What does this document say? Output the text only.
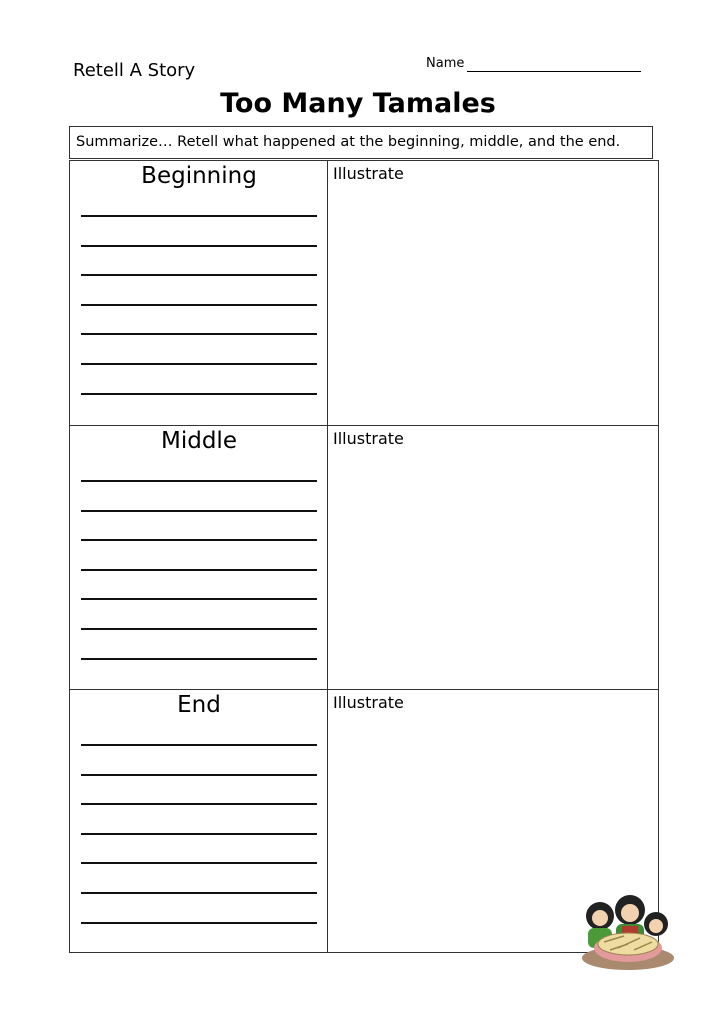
Retell A Story	Name
Too Many Tamales
Summarize… Retell what happened at the beginning, middle, and the end.
Beginning	Illustrate
Middle	Illustrate
End	Illustrate
